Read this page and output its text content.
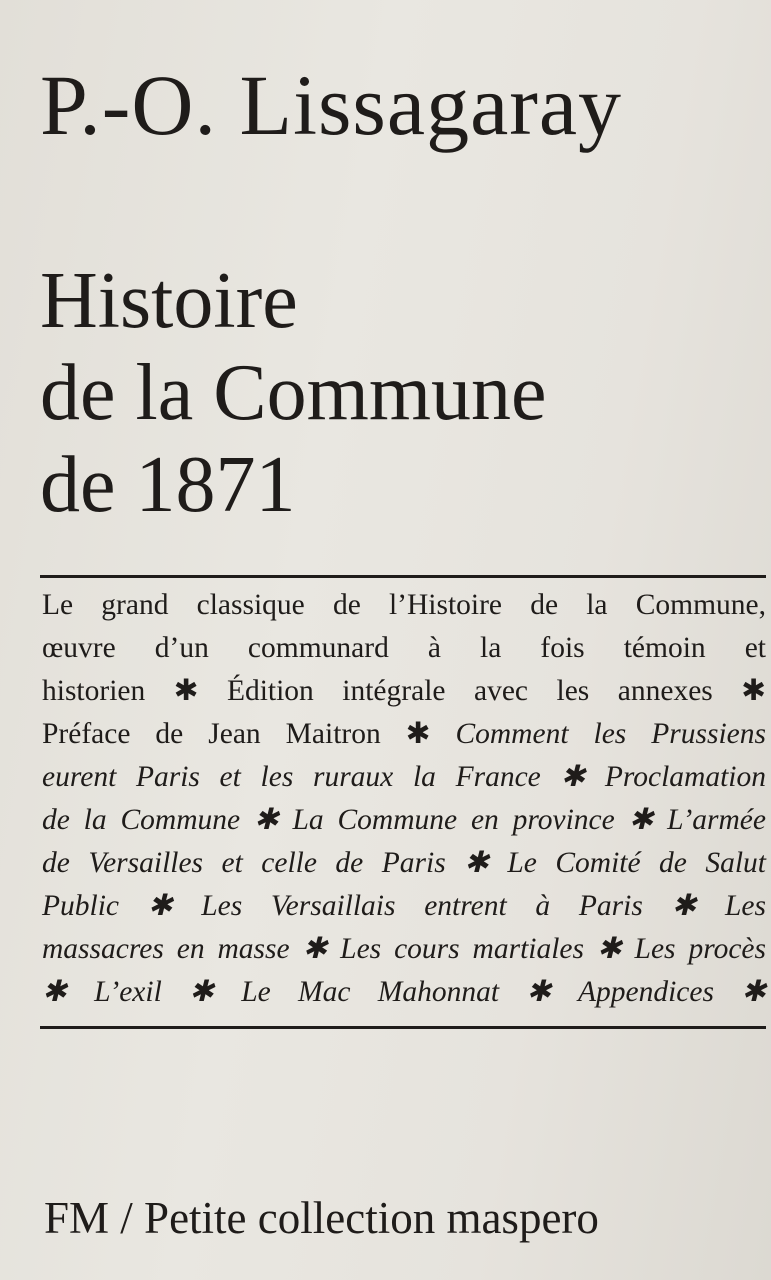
P.-O. Lissagaray
Histoire
de la Commune
de 1871
Le grand classique de l’Histoire de la Commune,
œuvre d’un communard à la fois témoin et
historien ✱ Édition intégrale avec les annexes ✱
Préface de Jean Maitron ✱ Comment les Prussiens
eurent Paris et les ruraux la France ✱ Proclamation
de la Commune ✱ La Commune en province ✱ L’armée
de Versailles et celle de Paris ✱ Le Comité de Salut
Public ✱ Les Versaillais entrent à Paris ✱ Les
massacres en masse ✱ Les cours martiales ✱ Les procès
✱ L’exil ✱ Le Mac Mahonnat ✱ Appendices ✱
FM / Petite collection maspero
